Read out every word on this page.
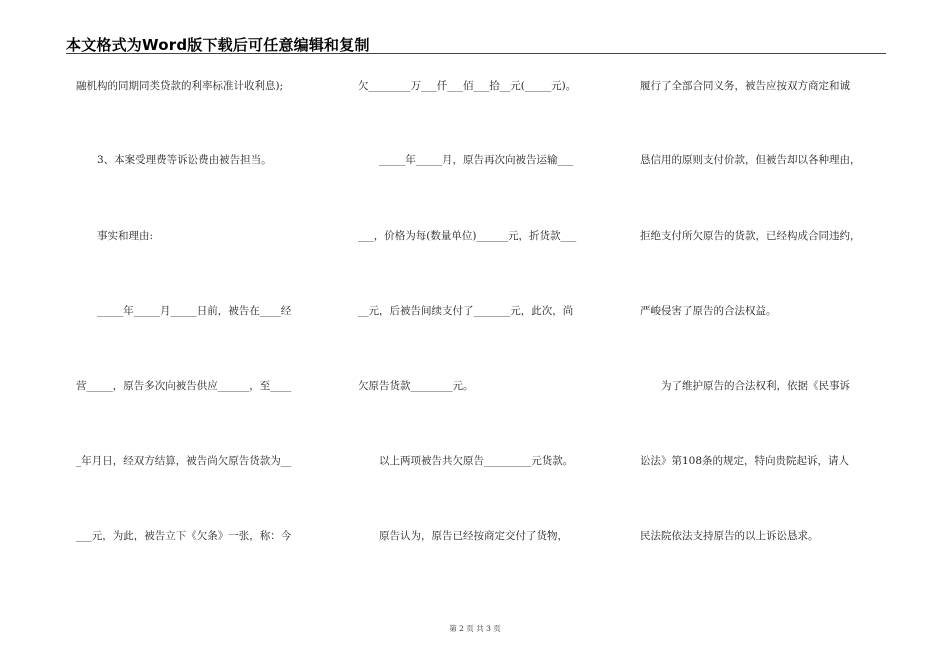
本文格式为Word版下载后可任意编辑和复制
融机构的同期同类贷款的利率标准计收利息);
　　3、本案受理费等诉讼费由被告担当。
　　事实和理由:
　　_____年_____月_____日前，被告在____经
营_____，原告多次向被告供应______，至____
_年月日，经双方结算，被告尚欠原告货款为__
___元，为此，被告立下《欠条》一张，称：今
欠________万___仟___佰___拾__元(_____元)。
　　_____年_____月，原告再次向被告运输___
___，价格为每(数量单位)______元，折货款___
__元，后被告间续支付了_______元，此次，尚
欠原告货款________元。
　　以上两项被告共欠原告_________元货款。
　　原告认为，原告已经按商定交付了货物，
履行了全部合同义务，被告应按双方商定和诚
恳信用的原则支付价款，但被告却以各种理由，
拒绝支付所欠原告的货款，已经构成合同违约，
严峻侵害了原告的合法权益。
　　为了维护原告的合法权利，依据《民事诉
讼法》第108条的规定，特向贵院起诉，请人
民法院依法支持原告的以上诉讼恳求。
第 2 页 共 3 页
